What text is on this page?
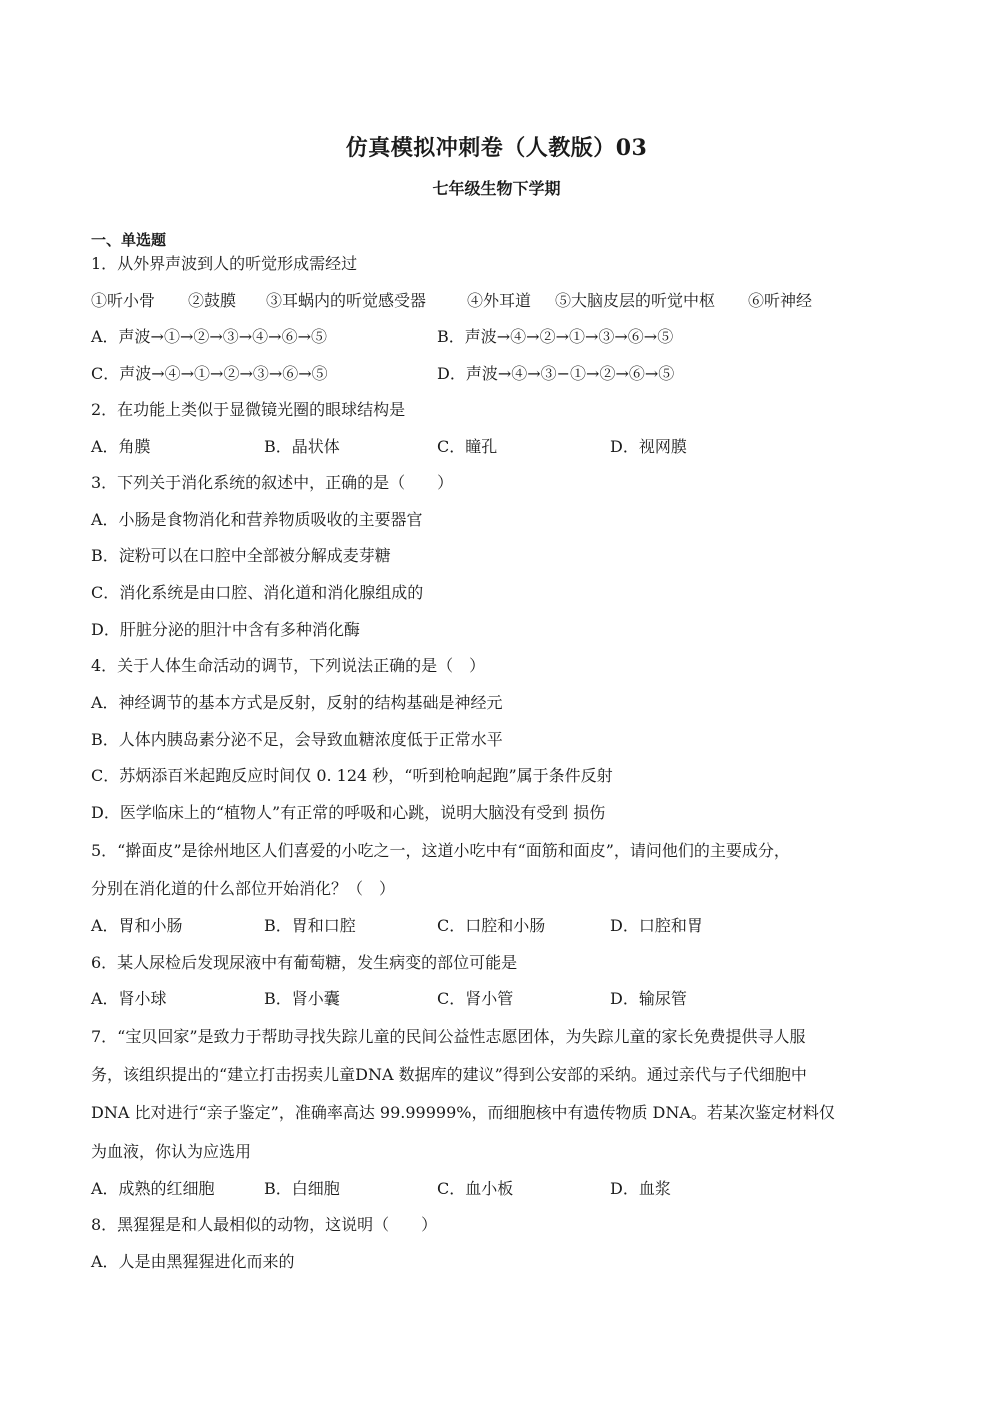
仿真模拟冲刺卷（人教版）03
七年级生物下学期
一、单选题
1．从外界声波到人的听觉形成需经过
①听小骨 ②鼓膜 ③耳蜗内的听觉感受器	④外耳道 ⑤大脑皮层的听觉中枢 ⑥听神经
A．声波→①→②→③→④→⑥→⑤	B．声波→④→②→①→③→⑥→⑤
C．声波→④→①→②→③→⑥→⑤	D．声波→④→③−①→②→⑥→⑤
2．在功能上类似于显微镜光圈的眼球结构是
A．角膜	B．晶状体	C．瞳孔	D．视网膜
3．下列关于消化系统的叙述中，正确的是（　　）
A．小肠是食物消化和营养物质吸收的主要器官
B．淀粉可以在口腔中全部被分解成麦芽糖
C．消化系统是由口腔、消化道和消化腺组成的
D．肝脏分泌的胆汁中含有多种消化酶
4．关于人体生命活动的调节，下列说法正确的是（　）
A．神经调节的基本方式是反射，反射的结构基础是神经元
B．人体内胰岛素分泌不足，会导致血糖浓度低于正常水平
C．苏炳添百米起跑反应时间仅 0. 124 秒，“听到枪响起跑”属于条件反射
D．医学临床上的“植物人”有正常的呼吸和心跳，说明大脑没有受到 损伤
5．“擀面皮”是徐州地区人们喜爱的小吃之一，这道小吃中有“面筋和面皮”，请问他们的主要成分，
分别在消化道的什么部位开始消化？（　）
A．胃和小肠	B．胃和口腔	C．口腔和小肠	D．口腔和胃
6．某人尿检后发现尿液中有葡萄糖，发生病变的部位可能是
A．肾小球	B．肾小囊	C．肾小管	D．输尿管
7．“宝贝回家”是致力于帮助寻找失踪儿童的民间公益性志愿团体，为失踪儿童的家长免费提供寻人服
务，该组织提出的“建立打击拐卖儿童DNA 数据库的建议”得到公安部的采纳。通过亲代与子代细胞中
DNA 比对进行“亲子鉴定”，准确率高达 99.99999%，而细胞核中有遗传物质 DNA。若某次鉴定材料仅
为血液，你认为应选用
A．成熟的红细胞	B．白细胞	C．血小板	D．血浆
8．黑猩猩是和人最相似的动物，这说明（　　）
A．人是由黑猩猩进化而来的
